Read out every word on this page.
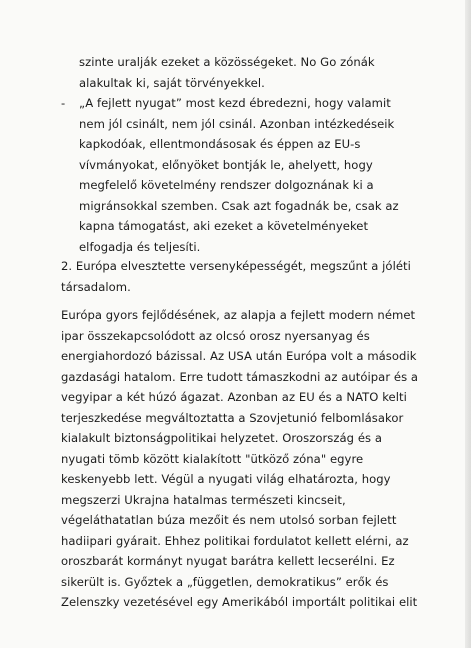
szinte uralják ezeket a közösségeket. No Go zónák
alakultak ki, saját törvényekkel.
„A fejlett nyugat” most kezd ébredezni, hogy valamit
nem jól csinált, nem jól csinál. Azonban intézkedéseik
kapkodóak, ellentmondásosak és éppen az EU-s
vívmányokat, előnyöket bontják le, ahelyett, hogy
megfelelő követelmény rendszer dolgoznának ki a
migránsokkal szemben. Csak azt fogadnák be, csak az
kapna támogatást, aki ezeket a követelményeket
elfogadja és teljesíti.
-
2. Európa elvesztette versenyképességét, megszűnt a jóléti
társadalom.
Európa gyors fejlődésének, az alapja a fejlett modern német
ipar összekapcsolódott az olcsó orosz nyersanyag és
energiahordozó bázissal. Az USA után Európa volt a második
gazdasági hatalom. Erre tudott támaszkodni az autóipar és a
vegyipar a két húzó ágazat. Azonban az EU és a NATO kelti
terjeszkedése megváltoztatta a Szovjetunió felbomlásakor
kialakult biztonságpolitikai helyzetet. Oroszország és a
nyugati tömb között kialakított "ütköző zóna" egyre
keskenyebb lett. Végül a nyugati világ elhatározta, hogy
megszerzi Ukrajna hatalmas természeti kincseit,
végeláthatatlan búza mezőit és nem utolsó sorban fejlett
hadiipari gyárait. Ehhez politikai fordulatot kellett elérni, az
oroszbarát kormányt nyugat barátra kellett lecserélni. Ez
sikerült is. Győztek a „független, demokratikus” erők és
Zelenszky vezetésével egy Amerikából importált politikai elit
